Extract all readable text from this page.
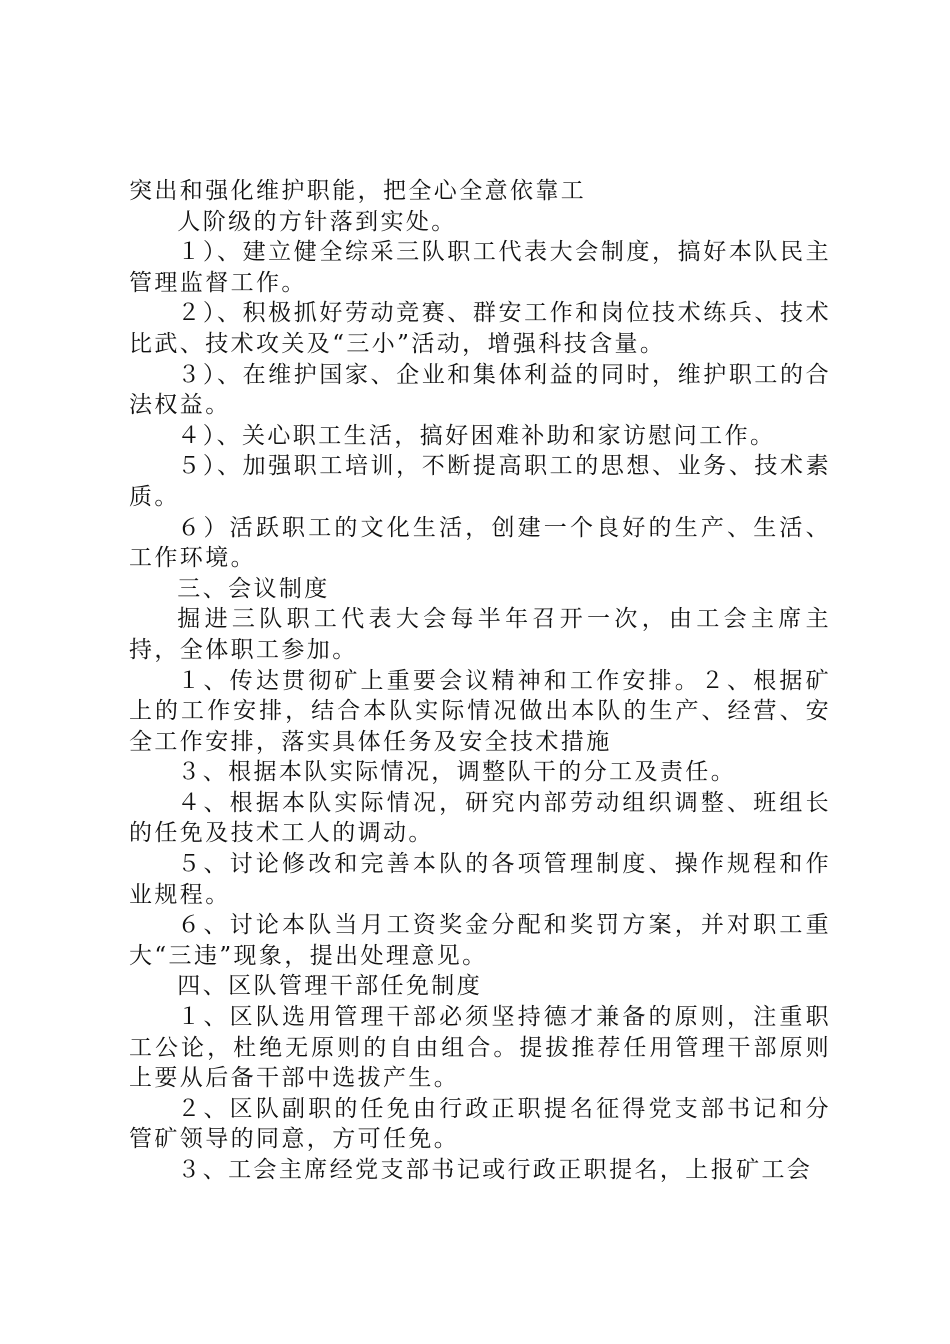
突出和强化维护职能，把全心全意依靠工

人阶级的方针落到实处。

１）、建立健全综采三队职工代表大会制度，搞好本队民主管理监督工作。

２）、积极抓好劳动竞赛、群安工作和岗位技术练兵、技术比武、技术攻关及“三小”活动，增强科技含量。

３）、在维护国家、企业和集体利益的同时，维护职工的合法权益。

４）、关心职工生活，搞好困难补助和家访慰问工作。

５）、加强职工培训，不断提高职工的思想、业务、技术素质。

６）活跃职工的文化生活，创建一个良好的生产、生活、工作环境。

三、会议制度

掘进三队职工代表大会每半年召开一次，由工会主席主持，全体职工参加。

１、传达贯彻矿上重要会议精神和工作安排。２、根据矿上的工作安排，结合本队实际情况做出本队的生产、经营、安全工作安排，落实具体任务及安全技术措施

３、根据本队实际情况，调整队干的分工及责任。

４、根据本队实际情况，研究内部劳动组织调整、班组长的任免及技术工人的调动。

５、讨论修改和完善本队的各项管理制度、操作规程和作业规程。

６、讨论本队当月工资奖金分配和奖罚方案，并对职工重大“三违”现象，提出处理意见。

四、区队管理干部任免制度

１、区队选用管理干部必须坚持德才兼备的原则，注重职工公论，杜绝无原则的自由组合。提拔推荐任用管理干部原则上要从后备干部中选拔产生。

２、区队副职的任免由行政正职提名征得党支部书记和分管矿领导的同意，方可任免。

３、工会主席经党支部书记或行政正职提名，上报矿工会
